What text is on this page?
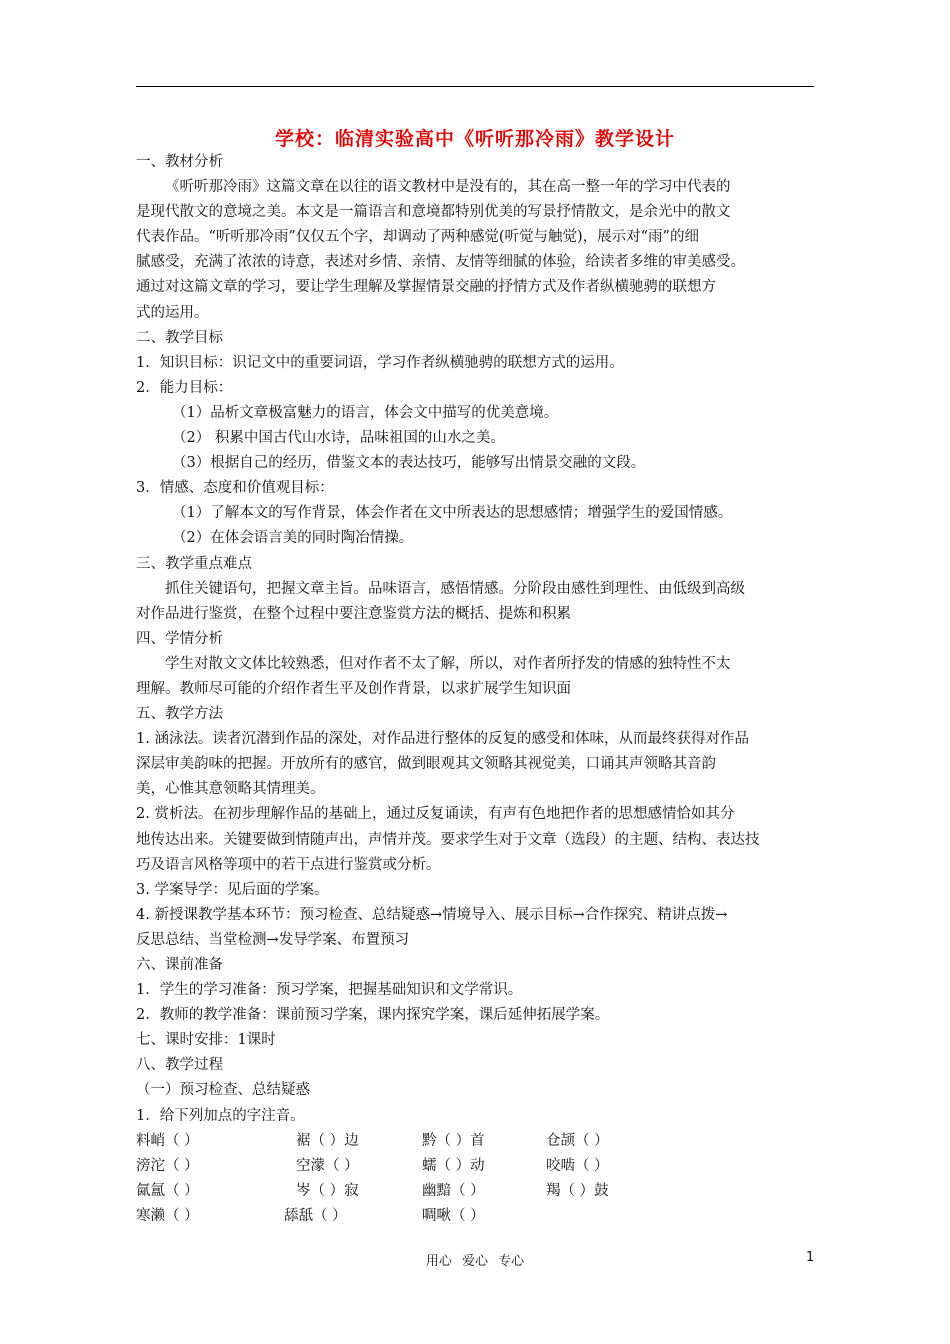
学校：临清实验高中《听听那冷雨》教学设计
一、教材分析
《听听那冷雨》这篇文章在以往的语文教材中是没有的，其在高一整一年的学习中代表的
是现代散文的意境之美。本文是一篇语言和意境都特别优美的写景抒情散文，是余光中的散文
代表作品。“听听那冷雨”仅仅五个字，却调动了两种感觉(听觉与触觉)，展示对“雨”的细
腻感受，充满了浓浓的诗意，表述对乡情、亲情、友情等细腻的体验，给读者多维的审美感受。
通过对这篇文章的学习，要让学生理解及掌握情景交融的抒情方式及作者纵横驰骋的联想方
式的运用。
二、教学目标
1．知识目标：识记文中的重要词语，学习作者纵横驰骋的联想方式的运用。
2．能力目标：
（1）品析文章极富魅力的语言，体会文中描写的优美意境。
（2） 积累中国古代山水诗，品味祖国的山水之美。
（3）根据自己的经历，借鉴文本的表达技巧，能够写出情景交融的文段。
3．情感、态度和价值观目标：
（1）了解本文的写作背景，体会作者在文中所表达的思想感情；增强学生的爱国情感。
（2）在体会语言美的同时陶冶情操。
三、教学重点难点
抓住关键语句，把握文章主旨。品味语言，感悟情感。分阶段由感性到理性、由低级到高级
对作品进行鉴赏，在整个过程中要注意鉴赏方法的概括、提炼和积累
四、学情分析
学生对散文文体比较熟悉，但对作者不太了解，所以，对作者所抒发的情感的独特性不太
理解。教师尽可能的介绍作者生平及创作背景，以求扩展学生知识面
五、教学方法
1. 涵泳法。读者沉潜到作品的深处，对作品进行整体的反复的感受和体味，从而最终获得对作品
深层审美韵味的把握。开放所有的感官，做到眼观其文领略其视觉美，口诵其声领略其音韵
美，心惟其意领略其情理美。
2. 赏析法。在初步理解作品的基础上，通过反复诵读，有声有色地把作者的思想感情恰如其分
地传达出来。关键要做到情随声出，声情并茂。要求学生对于文章（选段）的主题、结构、表达技
巧及语言风格等项中的若干点进行鉴赏或分析。
3. 学案导学：见后面的学案。
4. 新授课教学基本环节：预习检查、总结疑惑→情境导入、展示目标→合作探究、精讲点拨→
反思总结、当堂检测→发导学案、布置预习
六、课前准备
1．学生的学习准备：预习学案，把握基础知识和文学常识。
2．教师的教学准备：课前预习学案，课内探究学案，课后延伸拓展学案。
七、课时安排：1课时
八、教学过程
（一）预习检查、总结疑惑
1．给下列加点的字注音。
料峭（ ）	裾（ ）边	黔（ ）首	仓颉（ ）
滂沱（ ）	空濛（ ）	蠕（ ）动	咬啮（ ）
氤氲（ ）	岑（ ）寂	幽黯（ ）	羯（ ）鼓
寒濑（ ）	舔舐（ ）	啁啾（ ）
用心 爱心 专心	1
